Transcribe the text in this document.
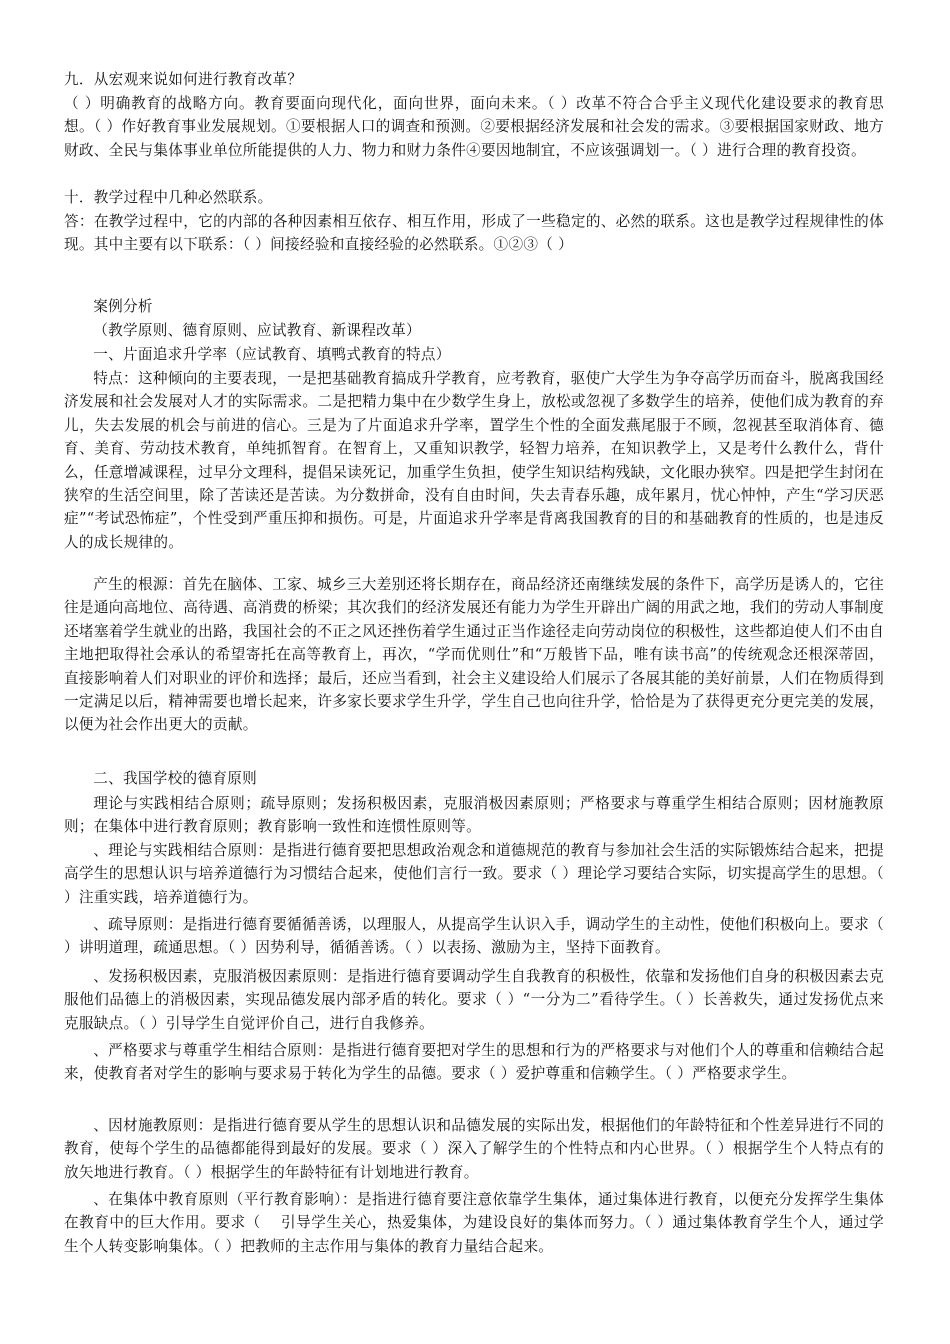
九．从宏观来说如何进行教育改革？

（ ）明确教育的战略方向。教育要面向现代化，面向世界，面向未来。（ ）改革不符合合乎主义现代化建设要求的教育思想。（ ）作好教育事业发展规划。①要根据人口的调查和预测。②要根据经济发展和社会发的需求。③要根据国家财政、地方财政、全民与集体事业单位所能提供的人力、物力和财力条件④要因地制宜，不应该强调划一。（ ）进行合理的教育投资。

十．教学过程中几种必然联系。

答：在教学过程中，它的内部的各种因素相互依存、相互作用，形成了一些稳定的、必然的联系。这也是教学过程规律性的体现。其中主要有以下联系：（ ）间接经验和直接经验的必然联系。①②③（ ）

案例分析

（教学原则、德育原则、应试教育、新课程改革）

一、片面追求升学率（应试教育、填鸭式教育的特点）

特点：这种倾向的主要表现，一是把基础教育搞成升学教育，应考教育，驱使广大学生为争夺高学历而奋斗，脱离我国经济发展和社会发展对人才的实际需求。二是把精力集中在少数学生身上，放松或忽视了多数学生的培养，使他们成为教育的弃儿，失去发展的机会与前进的信心。三是为了片面追求升学率，置学生个性的全面发燕尾服于不顾，忽视甚至取消体育、德育、美育、劳动技术教育，单纯抓智育。在智育上，又重知识教学，轻智力培养，在知识教学上，又是考什么教什么，背什么，任意增减课程，过早分文理科，提倡呆读死记，加重学生负担，使学生知识结构残缺，文化眼办狭窄。四是把学生封闭在狭窄的生活空间里，除了苦读还是苦读。为分数拼命，没有自由时间，失去青春乐趣，成年累月，忧心忡忡，产生“学习厌恶症”“考试恐怖症”，个性受到严重压抑和损伤。可是，片面追求升学率是背离我国教育的目的和基础教育的性质的，也是违反人的成长规律的。

产生的根源：首先在脑体、工家、城乡三大差别还将长期存在，商品经济还南继续发展的条件下，高学历是诱人的，它往往是通向高地位、高待遇、高消费的桥梁；其次我们的经济发展还有能力为学生开辟出广阔的用武之地，我们的劳动人事制度还堵塞着学生就业的出路，我国社会的不正之风还挫伤着学生通过正当作途径走向劳动岗位的积极性，这些都迫使人们不由自主地把取得社会承认的希望寄托在高等教育上，再次，“学而优则仕”和“万般皆下品，唯有读书高”的传统观念还根深蒂固，直接影响着人们对职业的评价和选择；最后，还应当看到，社会主义建设给人们展示了各展其能的美好前景，人们在物质得到一定满足以后，精神需要也增长起来，许多家长要求学生升学，学生自己也向往升学，恰恰是为了获得更充分更完美的发展，以便为社会作出更大的贡献。

二、我国学校的德育原则

理论与实践相结合原则；疏导原则；发扬积极因素，克服消极因素原则；严格要求与尊重学生相结合原则；因材施教原则；在集体中进行教育原则；教育影响一致性和连惯性原则等。

、理论与实践相结合原则：是指进行德育要把思想政治观念和道德规范的教育与参加社会生活的实际锻炼结合起来，把提高学生的思想认识与培养道德行为习惯结合起来，使他们言行一致。要求（ ）理论学习要结合实际，切实提高学生的思想。（ ）注重实践，培养道德行为。

、疏导原则：是指进行德育要循循善诱，以理服人，从提高学生认识入手，调动学生的主动性，使他们积极向上。要求（ ）讲明道理，疏通思想。（ ）因势利导，循循善诱。（ ）以表扬、激励为主，坚持下面教育。

、发扬积极因素，克服消极因素原则：是指进行德育要调动学生自我教育的积极性，依靠和发扬他们自身的积极因素去克服他们品德上的消极因素，实现品德发展内部矛盾的转化。要求（ ）“一分为二”看待学生。（ ）长善救失，通过发扬优点来克服缺点。（ ）引导学生自觉评价自己，进行自我修养。

、严格要求与尊重学生相结合原则：是指进行德育要把对学生的思想和行为的严格要求与对他们个人的尊重和信赖结合起来，使教育者对学生的影响与要求易于转化为学生的品德。要求（ ）爱护尊重和信赖学生。（ ）严格要求学生。

、因材施教原则：是指进行德育要从学生的思想认识和品德发展的实际出发，根据他们的年龄特征和个性差异进行不同的教育，使每个学生的品德都能得到最好的发展。要求（ ）深入了解学生的个性特点和内心世界。（ ）根据学生个人特点有的放矢地进行教育。（ ）根据学生的年龄特征有计划地进行教育。

、在集体中教育原则（平行教育影响）：是指进行德育要注意依靠学生集体，通过集体进行教育，以便充分发挥学生集体在教育中的巨大作用。要求（　 引导学生关心，热爱集体，为建设良好的集体而努力。（ ）通过集体教育学生个人，通过学生个人转变影响集体。（ ）把教师的主志作用与集体的教育力量结合起来。
